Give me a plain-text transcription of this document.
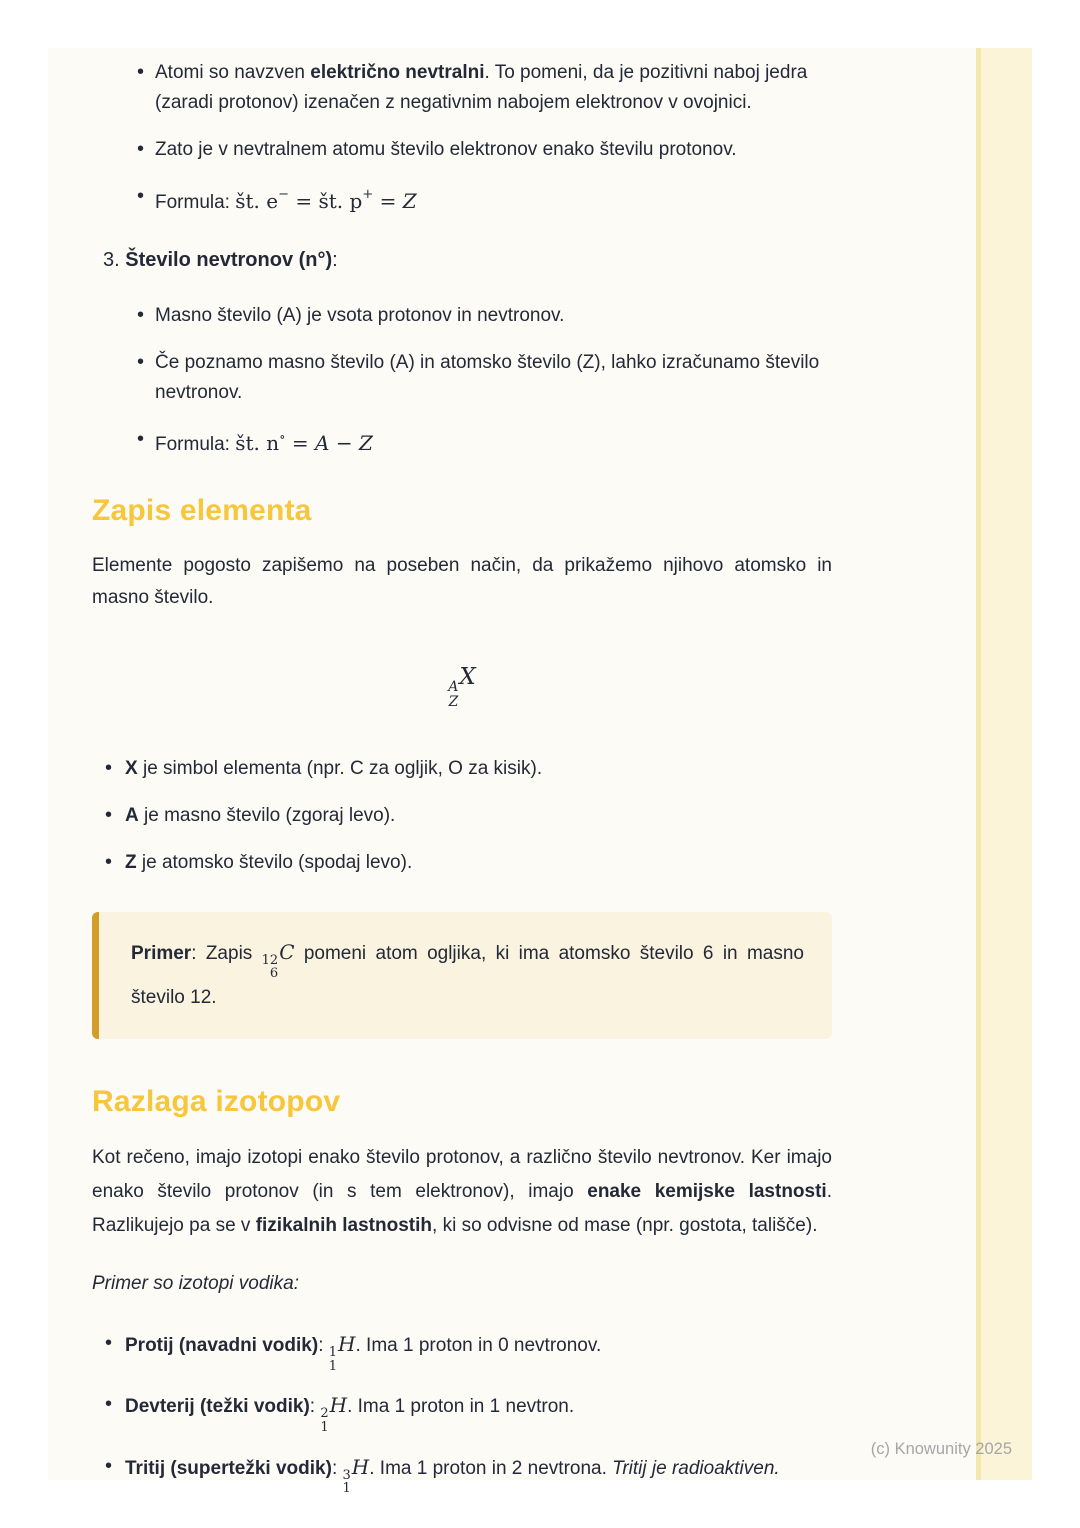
• Atomi so navzven električno nevtralni. To pomeni, da je pozitivni naboj jedra (zaradi protonov) izenačen z negativnim nabojem elektronov v ovojnici.
• Zato je v nevtralnem atomu število elektronov enako številu protonov.
• Formula: št. e− = št. p+ = Z
3. Število nevtronov (n°):
• Masno število (A) je vsota protonov in nevtronov.
• Če poznamo masno število (A) in atomsko število (Z), lahko izračunamo število nevtronov.
• Formula: št. n∘ = A − Z
Zapis elementa

Elemente pogosto zapišemo na poseben način, da prikažemo njihovo atomsko in masno število.

A
Z
X
• X je simbol elementa (npr. C za ogljik, O za kisik).
• A je masno število (zgoraj levo).
• Z je atomsko število (spodaj levo).
Primer: Zapis 12
6
C pomeni atom ogljika, ki ima atomsko število 6 in masno število 12.
Razlaga izotopov

Kot rečeno, imajo izotopi enako število protonov, a različno število nevtronov. Ker imajo enako število protonov (in s tem elektronov), imajo enake kemijske lastnosti. Razlikujejo pa se v fizikalnih lastnostih, ki so odvisne od mase (npr. gostota, tališče).

Primer so izotopi vodika:

• Protij (navadni vodik): 1
1
H. Ima 1 proton in 0 nevtronov.
• Devterij (težki vodik): 2
1
H. Ima 1 proton in 1 nevtron.
• Tritij (supertežki vodik): 3
1
H. Ima 1 proton in 2 nevtrona. Tritij je radioaktiven.
(c) Knowunity 2025
